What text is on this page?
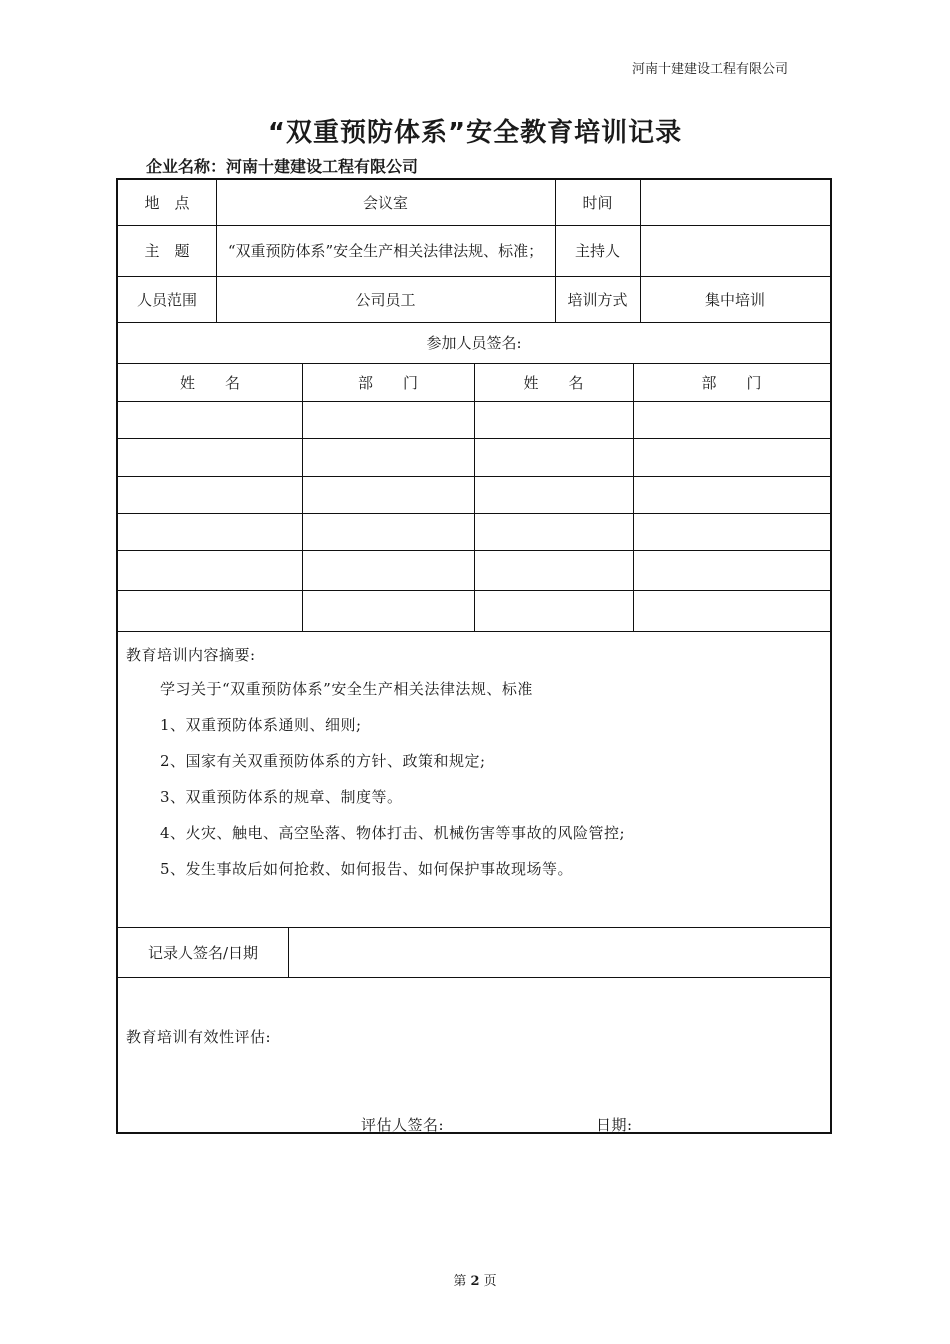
河南十建建设工程有限公司
“双重预防体系”安全教育培训记录
企业名称：河南十建建设工程有限公司
地　点	会议室	时间
主　题	“双重预防体系”安全生产相关法律法规、标准；	主持人
人员范围	公司员工	培训方式	集中培训
参加人员签名:
姓　　名	部　　门	姓　　名	部　　门
教育培训内容摘要:
学习关于“双重预防体系”安全生产相关法律法规、标准
1、双重预防体系通则、细则;
2、国家有关双重预防体系的方针、政策和规定;
3、双重预防体系的规章、制度等。
4、火灾、触电、高空坠落、物体打击、机械伤害等事故的风险管控;
5、发生事故后如何抢救、如何报告、如何保护事故现场等。
记录人签名/日期
教育培训有效性评估:
评估人签名:	日期:
第 2 页
